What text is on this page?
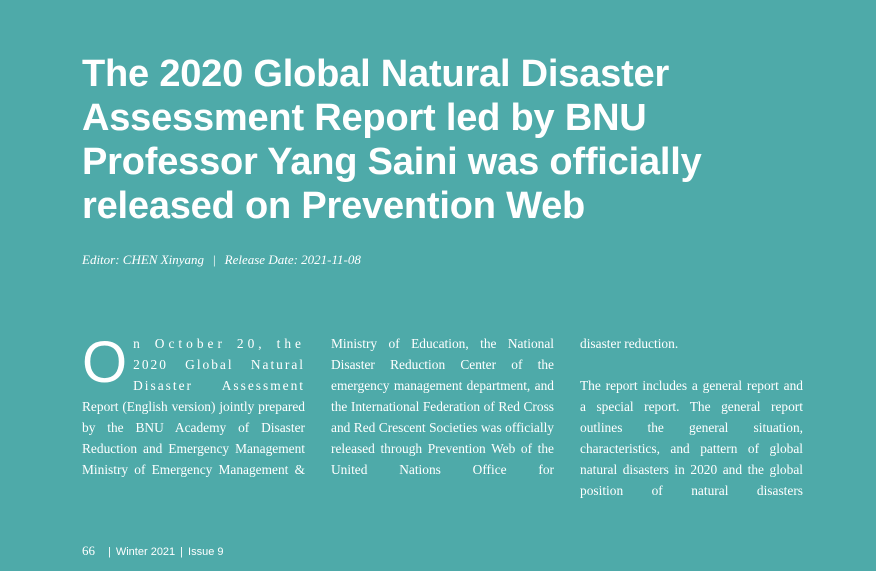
The 2020 Global Natural Disaster Assessment Report led by BNU Professor Yang Saini was officially released on Prevention Web
Editor: CHEN Xinyang | Release Date: 2021-11-08
O n October 20, the
2020 Global Natural
Disaster Assessment

Report (English version) jointly prepared by the BNU Academy of Disaster Reduction and Emergency Management Ministry of Emergency Management &

Ministry of Education, the National Disaster Reduction Center of the emergency management department, and the International Federation of Red Cross and Red Crescent Societies was officially released through Prevention Web of the United Nations Office for

disaster reduction.

The report includes a general report and a special report. The general report outlines the general situation, characteristics, and pattern of global natural disasters in 2020 and the global position of natural disasters

66 | Winter 2021 | Issue 9
